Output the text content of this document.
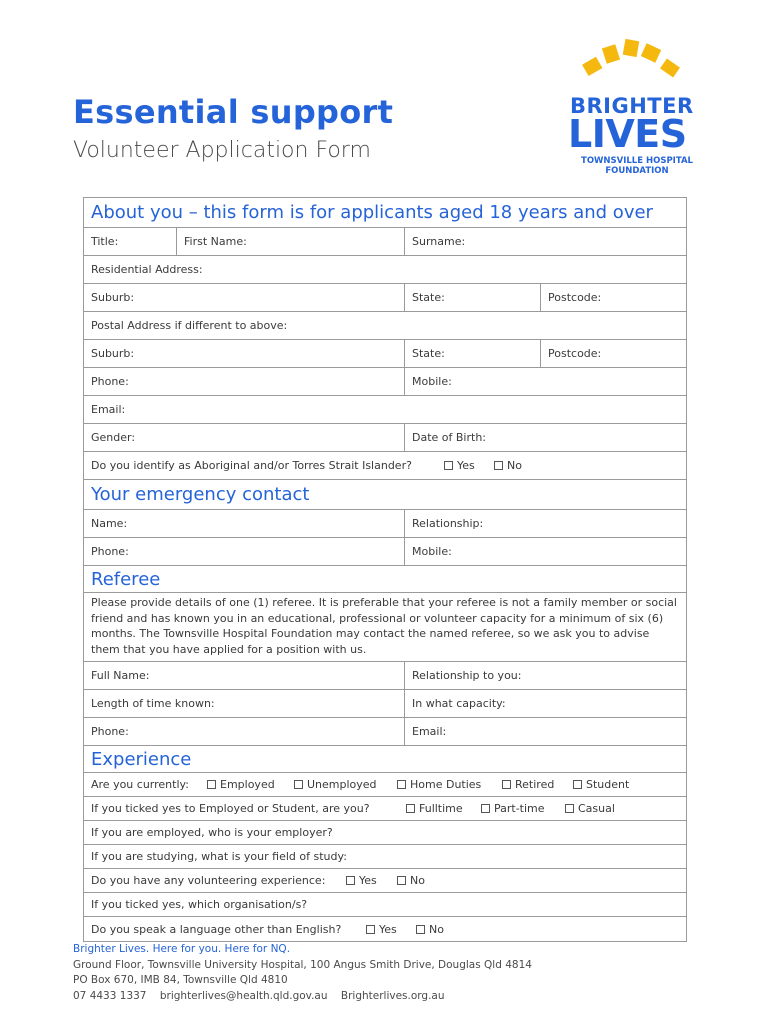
Essential support
Volunteer Application Form
BRIGHTER
LIVES
TOWNSVILLE HOSPITAL
FOUNDATION
About you – this form is for applicants aged 18 years and over
Title:	First Name:	Surname:
Residential Address:
Suburb:	State:	Postcode:
Postal Address if different to above:
Suburb:	State:	Postcode:
Phone:	Mobile:
Email:
Gender:	Date of Birth:
Do you identify as Aboriginal and/or Torres Strait Islander?	Yes	No
Your emergency contact
Name:	Relationship:
Phone:	Mobile:
Referee
Please provide details of one (1) referee. It is preferable that your referee is not a family member or social friend and has known you in an educational, professional or volunteer capacity for a minimum of six (6) months. The Townsville Hospital Foundation may contact the named referee, so we ask you to advise them that you have applied for a position with us.
Full Name:	Relationship to you:
Length of time known:	In what capacity:
Phone:	Email:
Experience
Are you currently:	Employed	Unemployed	Home Duties	Retired	Student
If you ticked yes to Employed or Student, are you?	Fulltime	Part-time	Casual
If you are employed, who is your employer?
If you are studying, what is your field of study:
Do you have any volunteering experience:	Yes	No
If you ticked yes, which organisation/s?
Do you speak a language other than English?	Yes	No
Brighter Lives. Here for you. Here for NQ.
Ground Floor, Townsville University Hospital, 100 Angus Smith Drive, Douglas Qld 4814
PO Box 670, IMB 84, Townsville Qld 4810
07 4433 1337 brighterlives@health.qld.gov.au Brighterlives.org.au
